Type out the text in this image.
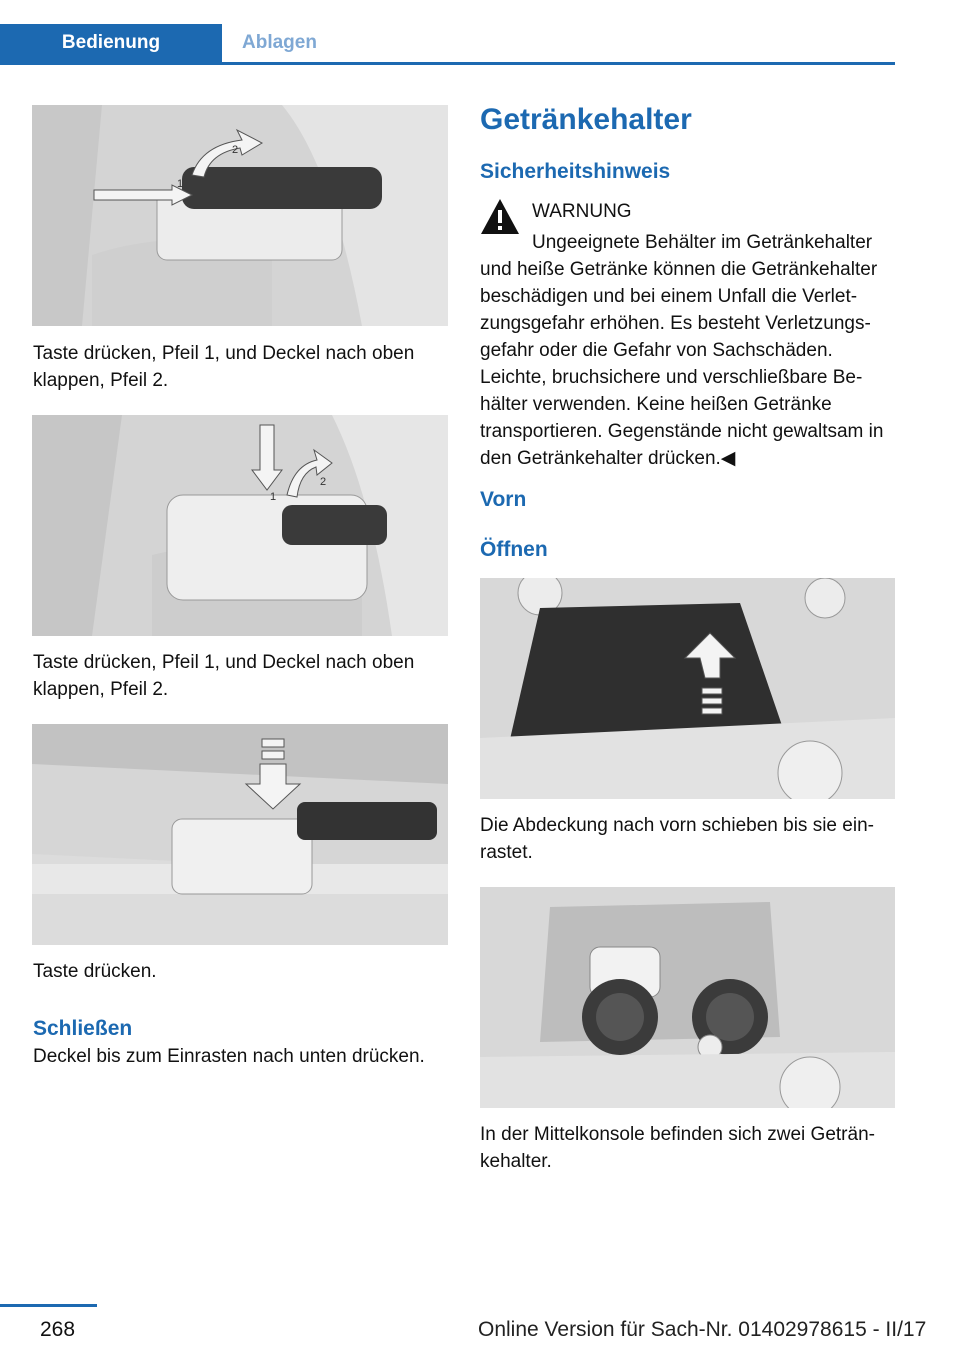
Bedienung	Ablagen
1
2
Taste drücken, Pfeil 1, und Deckel nach oben klappen, Pfeil 2.
1
2
Taste drücken, Pfeil 1, und Deckel nach oben klappen, Pfeil 2.
Taste drücken.
Schließen
Deckel bis zum Einrasten nach unten drücken.
Getränkehalter
Sicherheitshinweis
WARNUNG
Ungeeignete Behälter im Getränkehalter und heiße Getränke können die Getränkehalter beschädigen und bei einem Unfall die Verletzungsgefahr erhöhen. Es besteht Verletzungsgefahr oder die Gefahr von Sachschäden. Leichte, bruchsichere und verschließbare Behälter verwenden. Keine heißen Getränke transportieren. Gegenstände nicht gewaltsam in den Getränkehalter drücken.◀
Vorn
Öffnen
Die Abdeckung nach vorn schieben bis sie einrastet.
In der Mittelkonsole befinden sich zwei Getränkehalter.
268	Online Version für Sach-Nr. 01402978615 - II/17
